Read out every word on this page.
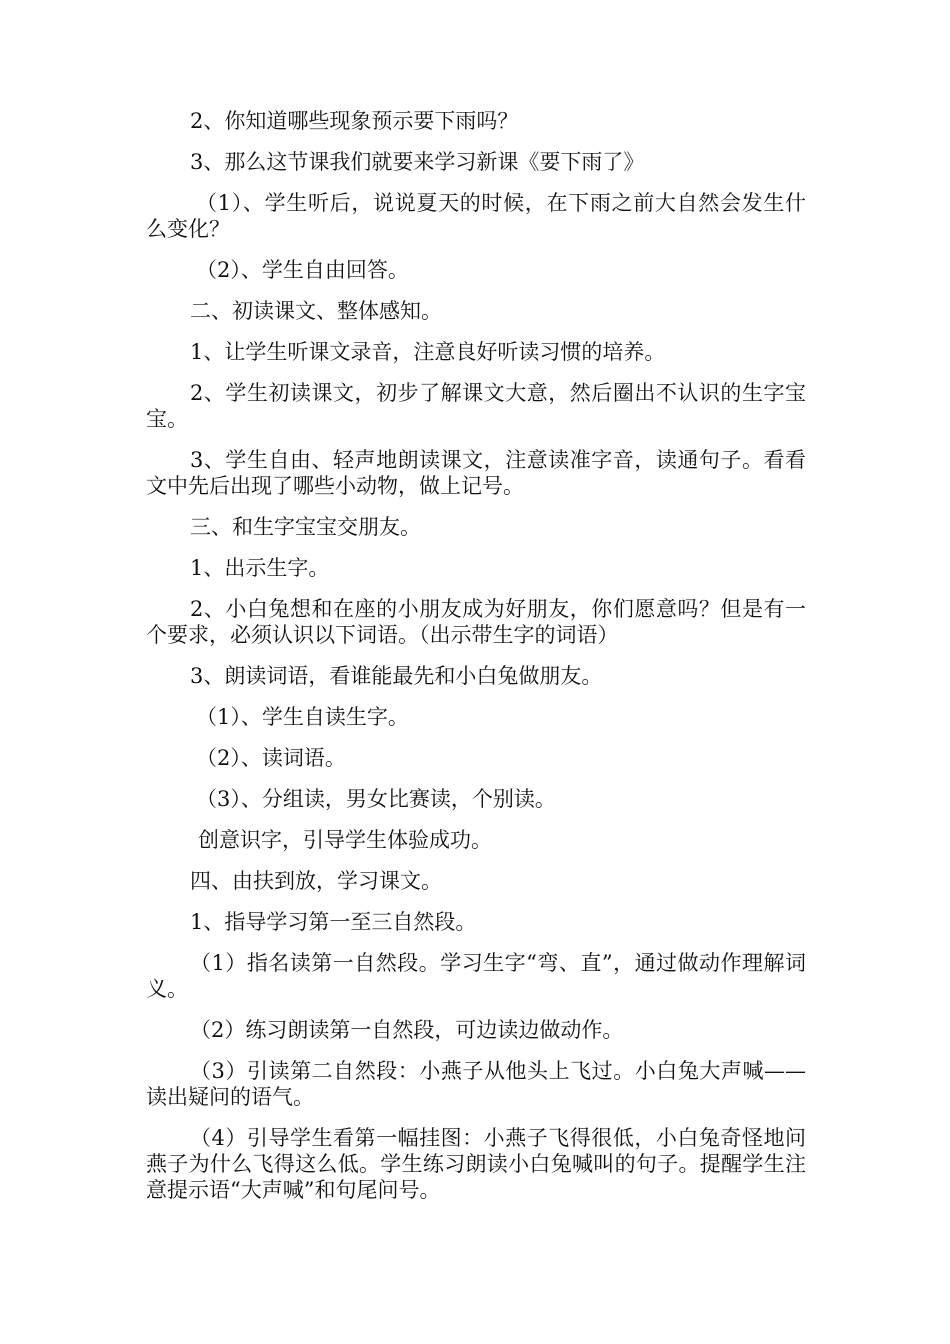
2、你知道哪些现象预示要下雨吗？

3、那么这节课我们就要来学习新课《要下雨了》

（1）、学生听后，说说夏天的时候，在下雨之前大自然会发生什么变化？

（2）、学生自由回答。

二、初读课文、整体感知。

1、让学生听课文录音，注意良好听读习惯的培养。

2、学生初读课文，初步了解课文大意，然后圈出不认识的生字宝宝。

3、学生自由、轻声地朗读课文，注意读准字音，读通句子。看看文中先后出现了哪些小动物，做上记号。

三、和生字宝宝交朋友。

1、出示生字。

2、小白兔想和在座的小朋友成为好朋友，你们愿意吗？但是有一个要求，必须认识以下词语。（出示带生字的词语）

3、朗读词语，看谁能最先和小白兔做朋友。

（1）、学生自读生字。

（2）、读词语。

（3）、分组读，男女比赛读，个别读。

创意识字，引导学生体验成功。

四、由扶到放，学习课文。

1、指导学习第一至三自然段。

（1）指名读第一自然段。学习生字“弯、直”，通过做动作理解词义。

（2）练习朗读第一自然段，可边读边做动作。

（3）引读第二自然段：小燕子从他头上飞过。小白兔大声喊——读出疑问的语气。

（4）引导学生看第一幅挂图：小燕子飞得很低，小白兔奇怪地问燕子为什么飞得这么低。学生练习朗读小白兔喊叫的句子。提醒学生注意提示语“大声喊”和句尾问号。
